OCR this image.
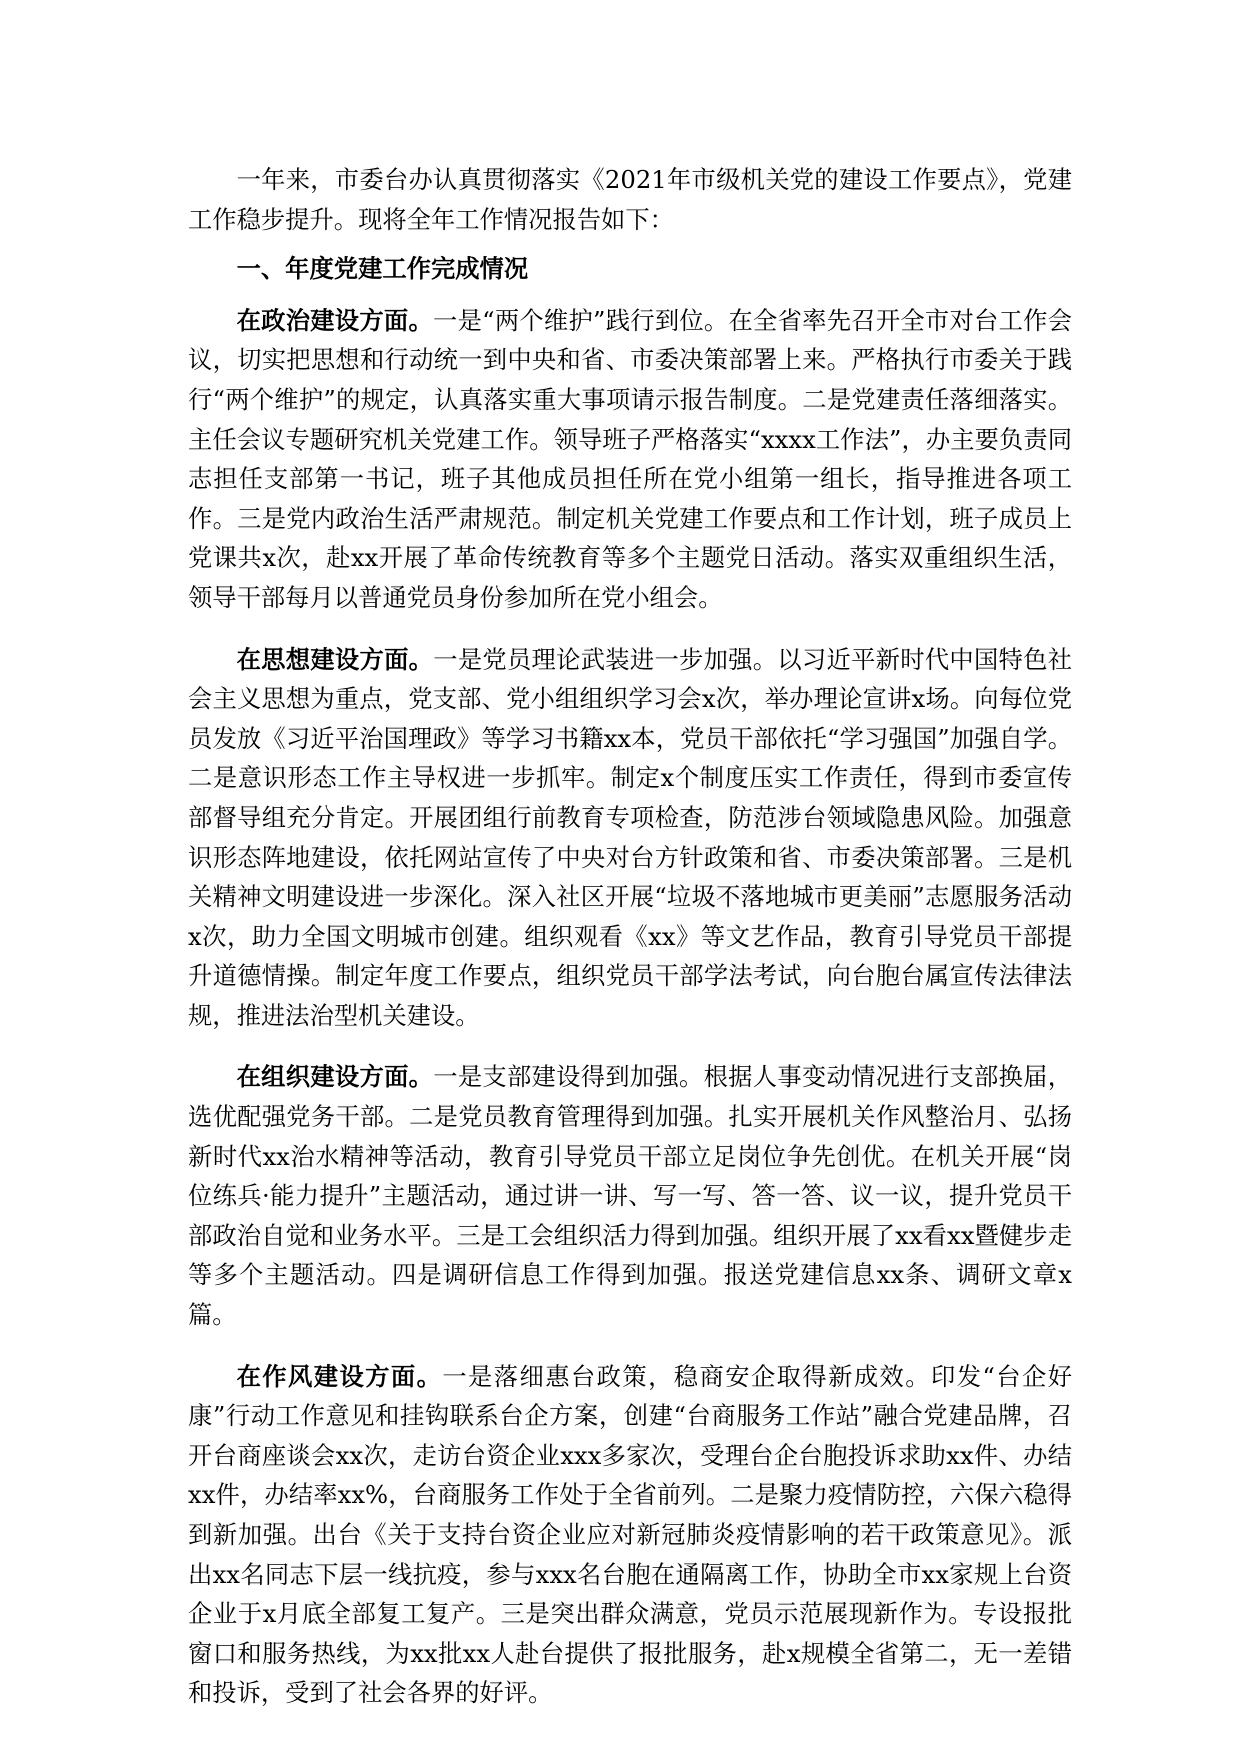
一年来，市委台办认真贯彻落实《2021年市级机关党的建设工作要点》，党建工作稳步提升。现将全年工作情况报告如下：

一、年度党建工作完成情况

在政治建设方面。一是“两个维护”践行到位。在全省率先召开全市对台工作会议，切实把思想和行动统一到中央和省、市委决策部署上来。严格执行市委关于践行“两个维护”的规定，认真落实重大事项请示报告制度。二是党建责任落细落实。主任会议专题研究机关党建工作。领导班子严格落实“xxxx工作法”，办主要负责同志担任支部第一书记，班子其他成员担任所在党小组第一组长，指导推进各项工作。三是党内政治生活严肃规范。制定机关党建工作要点和工作计划，班子成员上党课共x次，赴xx开展了革命传统教育等多个主题党日活动。落实双重组织生活，领导干部每月以普通党员身份参加所在党小组会。

在思想建设方面。一是党员理论武装进一步加强。以习近平新时代中国特色社会主义思想为重点，党支部、党小组组织学习会x次，举办理论宣讲x场。向每位党员发放《习近平治国理政》等学习书籍xx本，党员干部依托“学习强国”加强自学。二是意识形态工作主导权进一步抓牢。制定x个制度压实工作责任，得到市委宣传部督导组充分肯定。开展团组行前教育专项检查，防范涉台领域隐患风险。加强意识形态阵地建设，依托网站宣传了中央对台方针政策和省、市委决策部署。三是机关精神文明建设进一步深化。深入社区开展“垃圾不落地城市更美丽”志愿服务活动x次，助力全国文明城市创建。组织观看《xx》等文艺作品，教育引导党员干部提升道德情操。制定年度工作要点，组织党员干部学法考试，向台胞台属宣传法律法规，推进法治型机关建设。

在组织建设方面。一是支部建设得到加强。根据人事变动情况进行支部换届，选优配强党务干部。二是党员教育管理得到加强。扎实开展机关作风整治月、弘扬新时代xx治水精神等活动，教育引导党员干部立足岗位争先创优。在机关开展“岗位练兵·能力提升”主题活动，通过讲一讲、写一写、答一答、议一议，提升党员干部政治自觉和业务水平。三是工会组织活力得到加强。组织开展了xx看xx暨健步走等多个主题活动。四是调研信息工作得到加强。报送党建信息xx条、调研文章x篇。

在作风建设方面。一是落细惠台政策，稳商安企取得新成效。印发“台企好康”行动工作意见和挂钩联系台企方案，创建“台商服务工作站”融合党建品牌，召开台商座谈会xx次，走访台资企业xxx多家次，受理台企台胞投诉求助xx件、办结xx件，办结率xx%，台商服务工作处于全省前列。二是聚力疫情防控，六保六稳得到新加强。出台《关于支持台资企业应对新冠肺炎疫情影响的若干政策意见》。派出xx名同志下层一线抗疫，参与xxx名台胞在通隔离工作，协助全市xx家规上台资企业于x月底全部复工复产。三是突出群众满意，党员示范展现新作为。专设报批窗口和服务热线，为xx批xx人赴台提供了报批服务，赴x规模全省第二，无一差错和投诉，受到了社会各界的好评。
